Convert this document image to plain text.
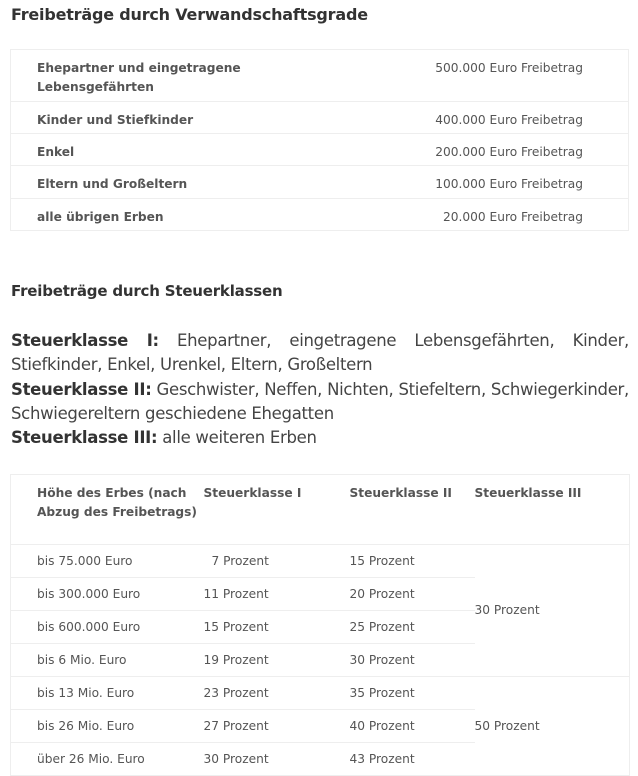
Freibeträge durch Verwandschaftsgrade
Ehepartner und eingetragene Lebensgefährten	500.000 Euro Freibetrag
Kinder und Stiefkinder	400.000 Euro Freibetrag
Enkel	200.000 Euro Freibetrag
Eltern und Großeltern	100.000 Euro Freibetrag
alle übrigen Erben	20.000 Euro Freibetrag
Freibeträge durch Steuerklassen

Steuerklasse I: Ehepartner, eingetragene Lebensgefährten, Kinder, Stiefkinder, Enkel, Urenkel, Eltern, Großeltern

Steuerklasse II: Geschwister, Neffen, Nichten, Stiefeltern, Schwiegerkinder, Schwiegereltern geschiedene Ehegatten

Steuerklasse III: alle weiteren Erben

Höhe des Erbes (nach Abzug des Freibetrags)	Steuerklasse I	Steuerklasse II	Steuerklasse III
bis 75.000 Euro	7 Prozent	15 Prozent	30 Prozent
bis 300.000 Euro	11 Prozent	20 Prozent	
bis 600.000 Euro	15 Prozent	25 Prozent	
bis 6 Mio. Euro	19 Prozent	30 Prozent	
bis 13 Mio. Euro	23 Prozent	35 Prozent	50 Prozent
bis 26 Mio. Euro	27 Prozent	40 Prozent	
über 26 Mio. Euro	30 Prozent	43 Prozent	
